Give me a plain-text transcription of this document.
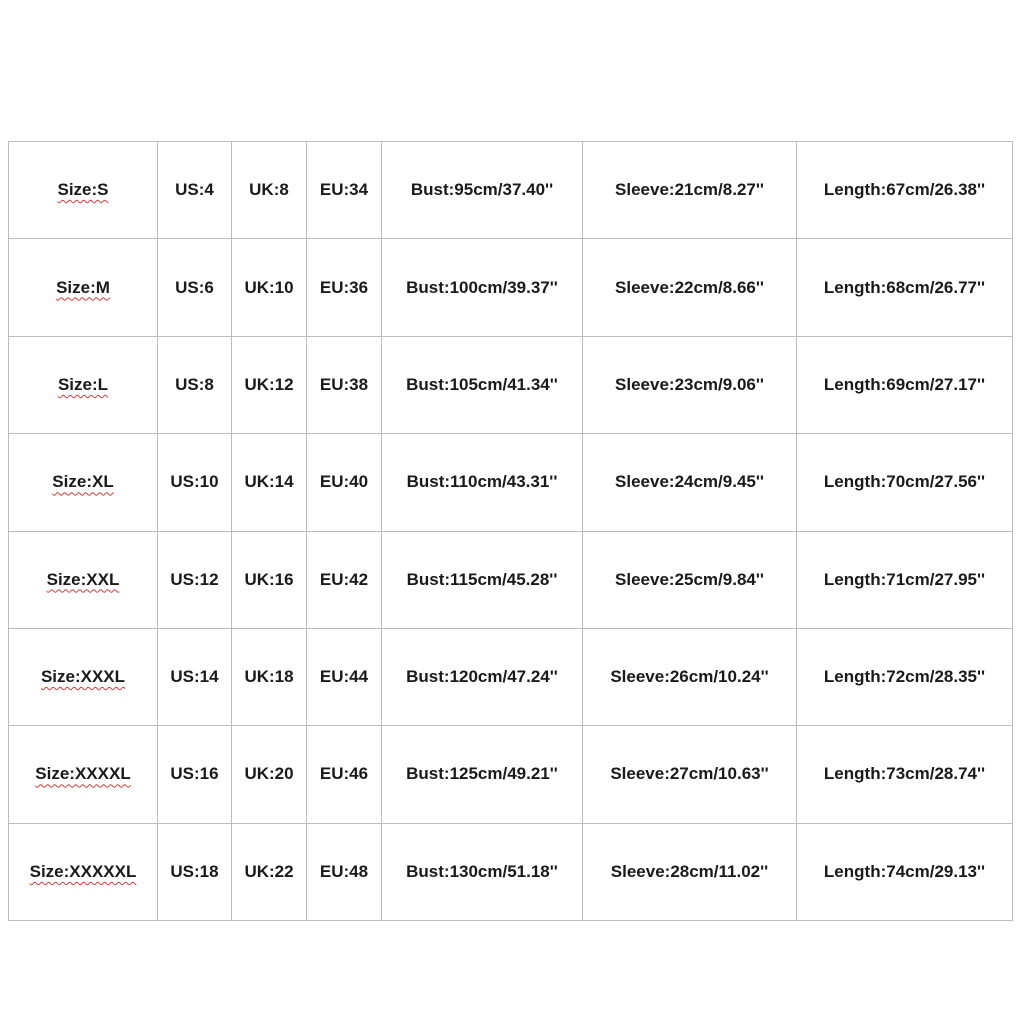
Size:S	US:4	UK:8	EU:34	Bust:95cm/37.40''	Sleeve:21cm/8.27''	Length:67cm/26.38''
Size:M	US:6	UK:10	EU:36	Bust:100cm/39.37''	Sleeve:22cm/8.66''	Length:68cm/26.77''
Size:L	US:8	UK:12	EU:38	Bust:105cm/41.34''	Sleeve:23cm/9.06''	Length:69cm/27.17''
Size:XL	US:10	UK:14	EU:40	Bust:110cm/43.31''	Sleeve:24cm/9.45''	Length:70cm/27.56''
Size:XXL	US:12	UK:16	EU:42	Bust:115cm/45.28''	Sleeve:25cm/9.84''	Length:71cm/27.95''
Size:XXXL	US:14	UK:18	EU:44	Bust:120cm/47.24''	Sleeve:26cm/10.24''	Length:72cm/28.35''
Size:XXXXL	US:16	UK:20	EU:46	Bust:125cm/49.21''	Sleeve:27cm/10.63''	Length:73cm/28.74''
Size:XXXXXL	US:18	UK:22	EU:48	Bust:130cm/51.18''	Sleeve:28cm/11.02''	Length:74cm/29.13''
